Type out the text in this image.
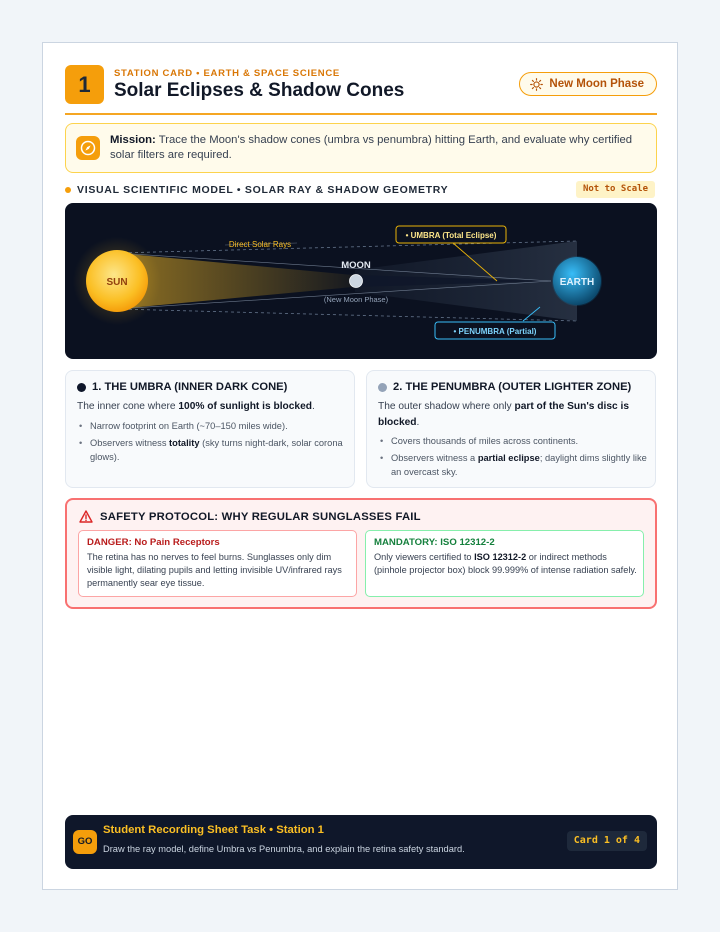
1	STATION CARD • EARTH & SPACE SCIENCE
Solar Eclipses & Shadow Cones	New Moon Phase

Mission: Trace the Moon's shadow cones (umbra vs penumbra) hitting Earth, and evaluate why certified solar filters are required.

VISUAL SCIENTIFIC MODEL • SOLAR RAY & SHADOW GEOMETRY	Not to Scale
SUN
MOON
(New Moon Phase)
EARTH
Direct Solar Rays
• UMBRA (Total Eclipse)
• PENUMBRA (Partial)
1. THE UMBRA (INNER DARK CONE)
The inner cone where 100% of sunlight is blocked.
• Narrow footprint on Earth (~70–150 miles wide).
• Observers witness totality (sky turns night-dark, solar corona glows).
2. THE PENUMBRA (OUTER LIGHTER ZONE)
The outer shadow where only part of the Sun's disc is blocked.
• Covers thousands of miles across continents.
• Observers witness a partial eclipse; daylight dims slightly like an overcast sky.
SAFETY PROTOCOL: WHY REGULAR SUNGLASSES FAIL
DANGER: No Pain Receptors

The retina has no nerves to feel burns. Sunglasses only dim visible light, dilating pupils and letting invisible UV/infrared rays permanently sear eye tissue.

MANDATORY: ISO 12312-2

Only viewers certified to ISO 12312-2 or indirect methods (pinhole projector box) block 99.999% of intense radiation safely.

GO
Student Recording Sheet Task • Station 1
Draw the ray model, define Umbra vs Penumbra, and explain the retina safety standard.
Card 1 of 4
